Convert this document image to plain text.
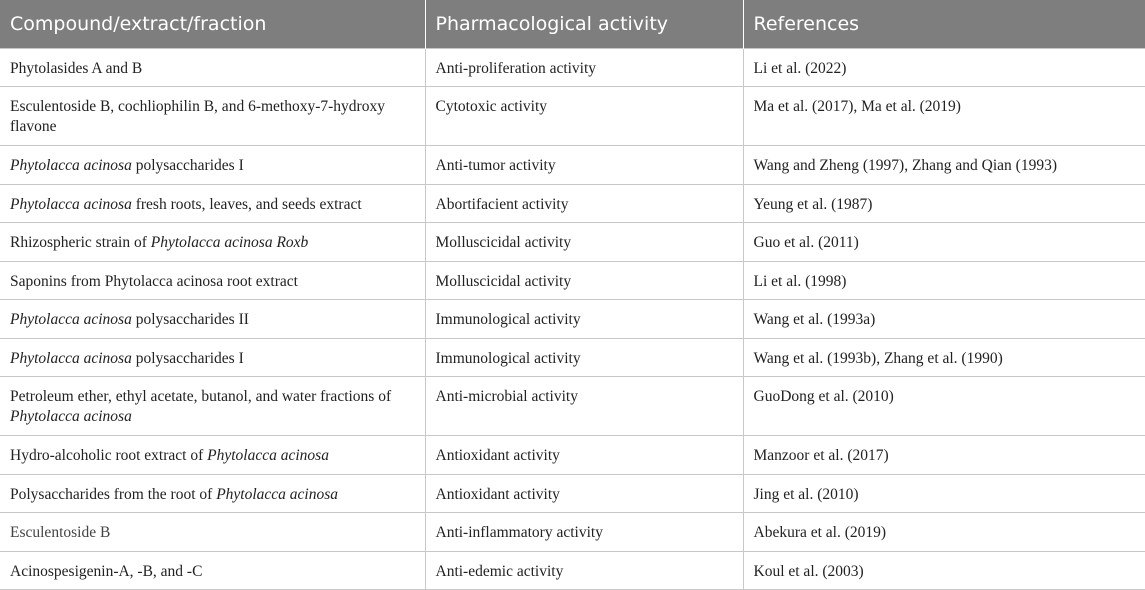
Compound/extract/fraction	Pharmacological activity	References
Phytolasides A and B	Anti-proliferation activity	Li et al. (2022)
Esculentoside B, cochliophilin B, and 6-methoxy-7-hydroxy flavone	Cytotoxic activity	Ma et al. (2017), Ma et al. (2019)
Phytolacca acinosa polysaccharides I	Anti-tumor activity	Wang and Zheng (1997), Zhang and Qian (1993)
Phytolacca acinosa fresh roots, leaves, and seeds extract	Abortifacient activity	Yeung et al. (1987)
Rhizospheric strain of Phytolacca acinosa Roxb	Molluscicidal activity	Guo et al. (2011)
Saponins from Phytolacca acinosa root extract	Molluscicidal activity	Li et al. (1998)
Phytolacca acinosa polysaccharides II	Immunological activity	Wang et al. (1993a)
Phytolacca acinosa polysaccharides I	Immunological activity	Wang et al. (1993b), Zhang et al. (1990)
Petroleum ether, ethyl acetate, butanol, and water fractions of Phytolacca acinosa	Anti-microbial activity	GuoDong et al. (2010)
Hydro-alcoholic root extract of Phytolacca acinosa	Antioxidant activity	Manzoor et al. (2017)
Polysaccharides from the root of Phytolacca acinosa	Antioxidant activity	Jing et al. (2010)
Esculentoside B	Anti-inflammatory activity	Abekura et al. (2019)
Acinospesigenin-A, -B, and -C	Anti-edemic activity	Koul et al. (2003)
